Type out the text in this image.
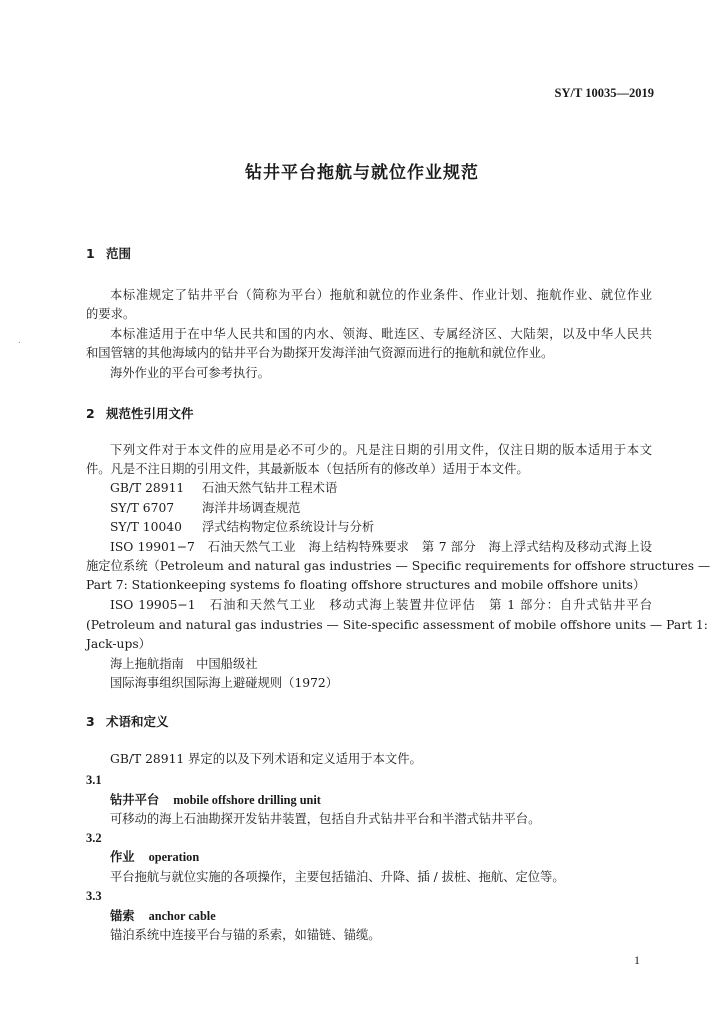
SY/T 10035—2019
钻井平台拖航与就位作业规范
.
1 范围
本标准规定了钻井平台（简称为平台）拖航和就位的作业条件、作业计划、拖航作业、就位作业
的要求。
本标准适用于在中华人民共和国的内水、领海、毗连区、专属经济区、大陆架，以及中华人民共
和国管辖的其他海域内的钻井平台为勘探开发海洋油气资源而进行的拖航和就位作业。
海外作业的平台可参考执行。
2 规范性引用文件
下列文件对于本文件的应用是必不可少的。凡是注日期的引用文件，仅注日期的版本适用于本文
件。凡是不注日期的引用文件，其最新版本（包括所有的修改单）适用于本文件。
GB/T 28911 石油天然气钻井工程术语
SY/T 6707 海洋井场调查规范
SY/T 10040 浮式结构物定位系统设计与分析
ISO 19901−7　石油天然气工业　海上结构特殊要求　第 7 部分　海上浮式结构及移动式海上设
施定位系统（Petroleum and natural gas industries — Specific requirements for offshore structures —
Part 7: Stationkeeping systems fo floating offshore structures and mobile offshore units）
ISO 19905−1　石油和天然气工业　移动式海上装置井位评估　第 1 部分：自升式钻井平台
(Petroleum and natural gas industries — Site-specific assessment of mobile offshore units — Part 1:
Jack-ups）
海上拖航指南　中国船级社
国际海事组织国际海上避碰规则（1972）
3 术语和定义
GB/T 28911 界定的以及下列术语和定义适用于本文件。
3.1
钻井平台 mobile offshore drilling unit
可移动的海上石油勘探开发钻井装置，包括自升式钻井平台和半潜式钻井平台。
3.2
作业 operation
平台拖航与就位实施的各项操作，主要包括锚泊、升降、插 / 拔桩、拖航、定位等。
3.3
锚索 anchor cable
锚泊系统中连接平台与锚的系索，如锚链、锚缆。
1
